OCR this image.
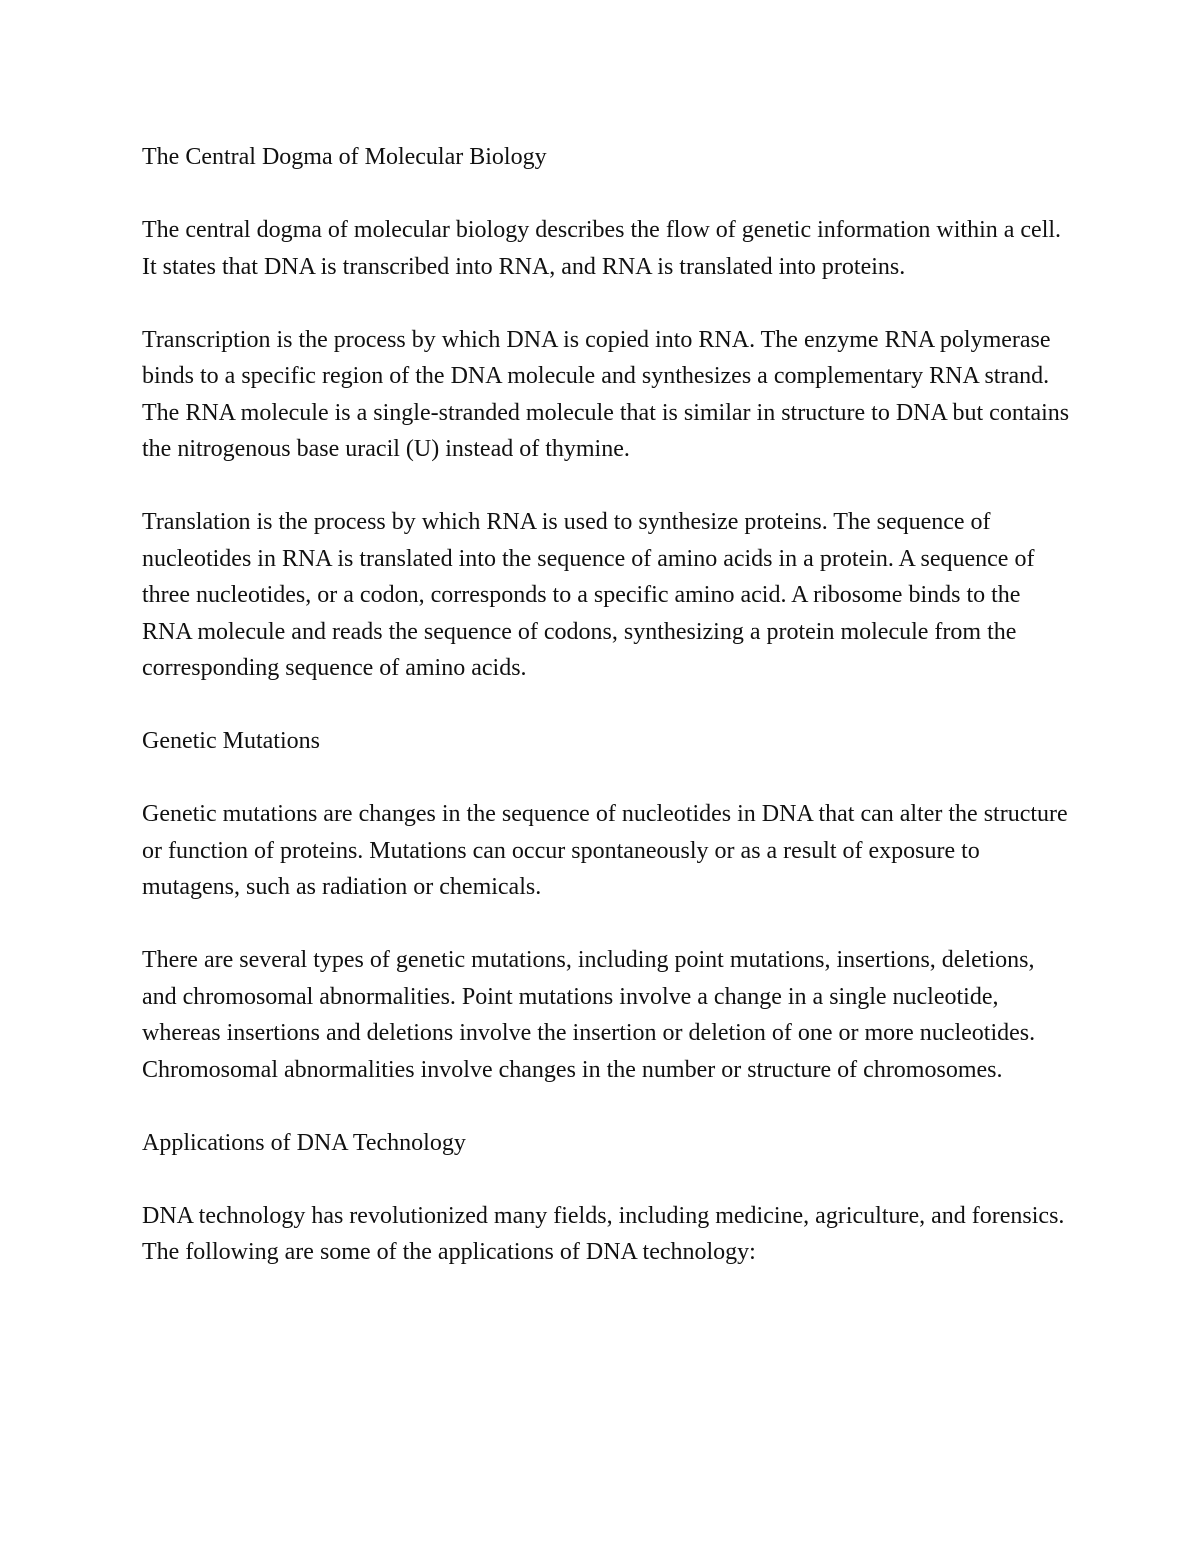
The Central Dogma of Molecular Biology

The central dogma of molecular biology describes the flow of genetic information within a cell. It states that DNA is transcribed into RNA, and RNA is translated into proteins.

Transcription is the process by which DNA is copied into RNA. The enzyme RNA polymerase binds to a specific region of the DNA molecule and synthesizes a complementary RNA strand. The RNA molecule is a single-stranded molecule that is similar in structure to DNA but contains the nitrogenous base uracil (U) instead of thymine.

Translation is the process by which RNA is used to synthesize proteins. The sequence of nucleotides in RNA is translated into the sequence of amino acids in a protein. A sequence of three nucleotides, or a codon, corresponds to a specific amino acid. A ribosome binds to the RNA molecule and reads the sequence of codons, synthesizing a protein molecule from the corresponding sequence of amino acids.

Genetic Mutations

Genetic mutations are changes in the sequence of nucleotides in DNA that can alter the structure or function of proteins. Mutations can occur spontaneously or as a result of exposure to mutagens, such as radiation or chemicals.

There are several types of genetic mutations, including point mutations, insertions, deletions, and chromosomal abnormalities. Point mutations involve a change in a single nucleotide, whereas insertions and deletions involve the insertion or deletion of one or more nucleotides. Chromosomal abnormalities involve changes in the number or structure of chromosomes.

Applications of DNA Technology

DNA technology has revolutionized many fields, including medicine, agriculture, and forensics. The following are some of the applications of DNA technology:
